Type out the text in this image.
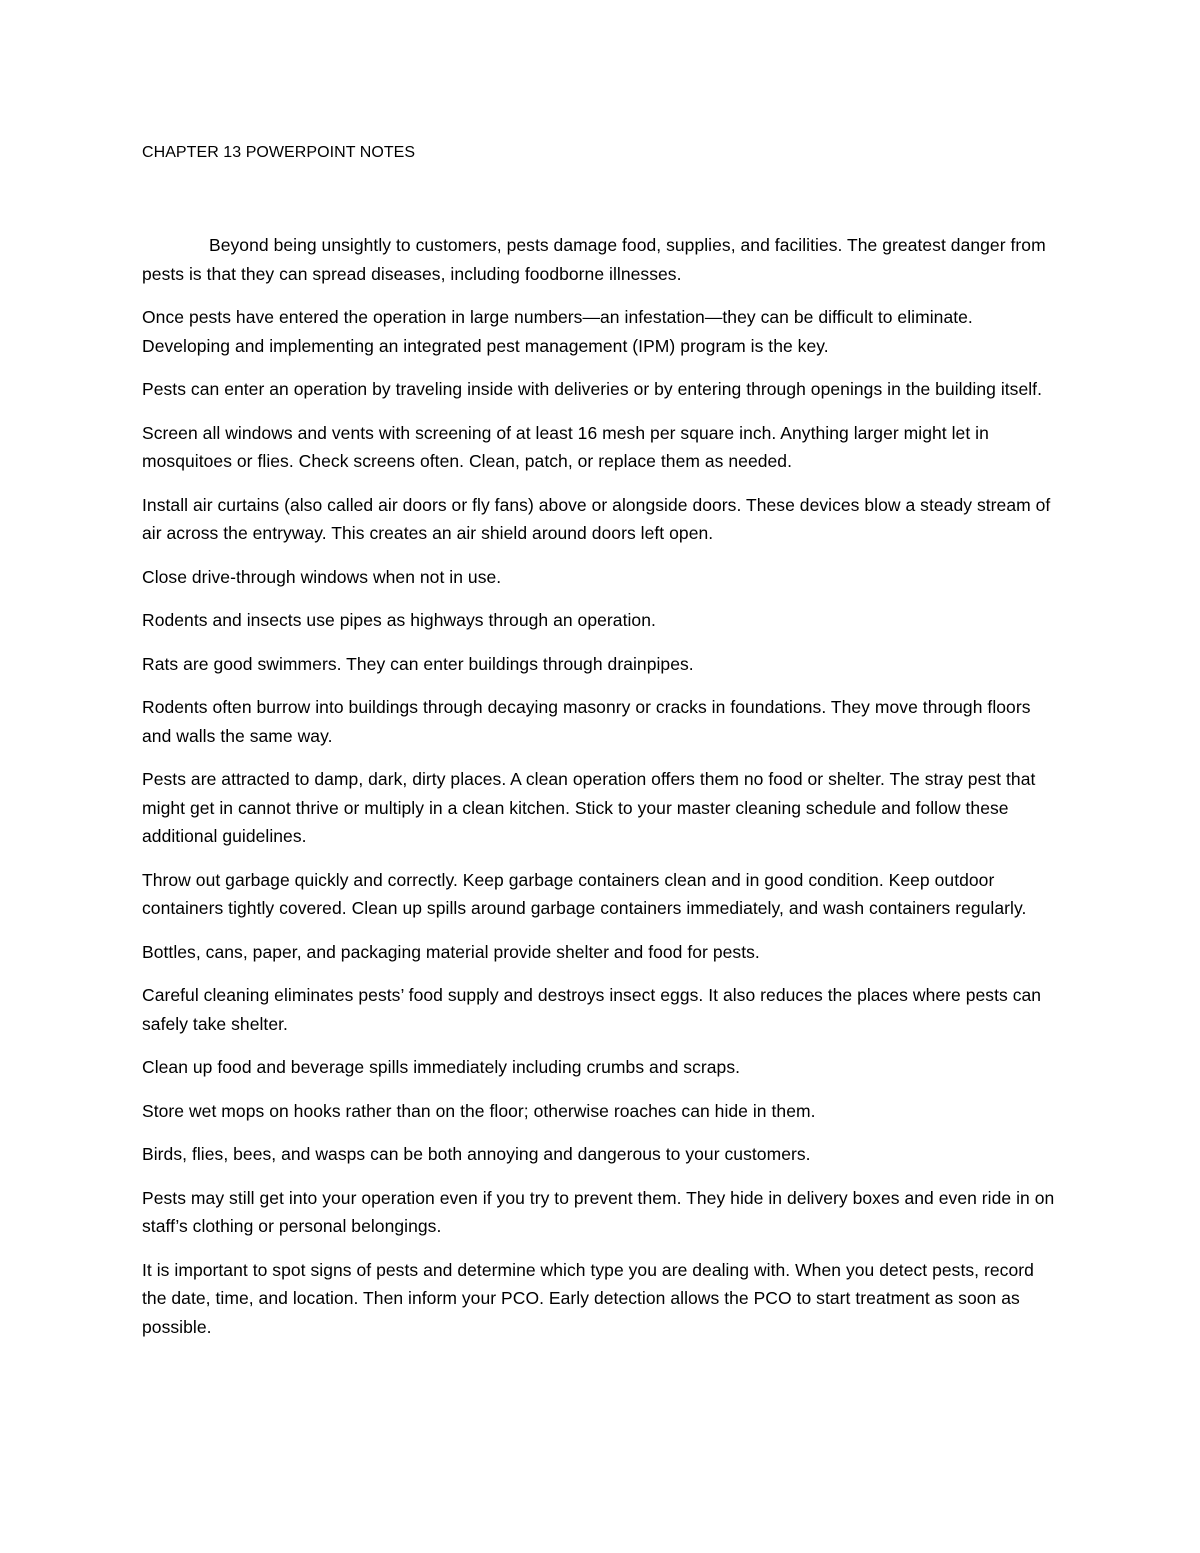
CHAPTER 13 POWERPOINT NOTES

Beyond being unsightly to customers, pests damage food, supplies, and facilities. The greatest danger from pests is that they can spread diseases, including foodborne illnesses.

Once pests have entered the operation in large numbers—an infestation—they can be difficult to eliminate. Developing and implementing an integrated pest management (IPM) program is the key.

Pests can enter an operation by traveling inside with deliveries or by entering through openings in the building itself.

Screen all windows and vents with screening of at least 16 mesh per square inch. Anything larger might let in mosquitoes or flies. Check screens often. Clean, patch, or replace them as needed.

Install air curtains (also called air doors or fly fans) above or alongside doors. These devices blow a steady stream of air across the entryway. This creates an air shield around doors left open.

Close drive-through windows when not in use.

Rodents and insects use pipes as highways through an operation.

Rats are good swimmers. They can enter buildings through drainpipes.

Rodents often burrow into buildings through decaying masonry or cracks in foundations. They move through floors and walls the same way.

Pests are attracted to damp, dark, dirty places. A clean operation offers them no food or shelter. The stray pest that might get in cannot thrive or multiply in a clean kitchen. Stick to your master cleaning schedule and follow these additional guidelines.

Throw out garbage quickly and correctly. Keep garbage containers clean and in good condition. Keep outdoor containers tightly covered. Clean up spills around garbage containers immediately, and wash containers regularly.

Bottles, cans, paper, and packaging material provide shelter and food for pests.

Careful cleaning eliminates pests’ food supply and destroys insect eggs. It also reduces the places where pests can safely take shelter.

Clean up food and beverage spills immediately including crumbs and scraps.

Store wet mops on hooks rather than on the floor; otherwise roaches can hide in them.

Birds, flies, bees, and wasps can be both annoying and dangerous to your customers.

Pests may still get into your operation even if you try to prevent them. They hide in delivery boxes and even ride in on staff’s clothing or personal belongings.

It is important to spot signs of pests and determine which type you are dealing with. When you detect pests, record the date, time, and location. Then inform your PCO. Early detection allows the PCO to start treatment as soon as possible.
